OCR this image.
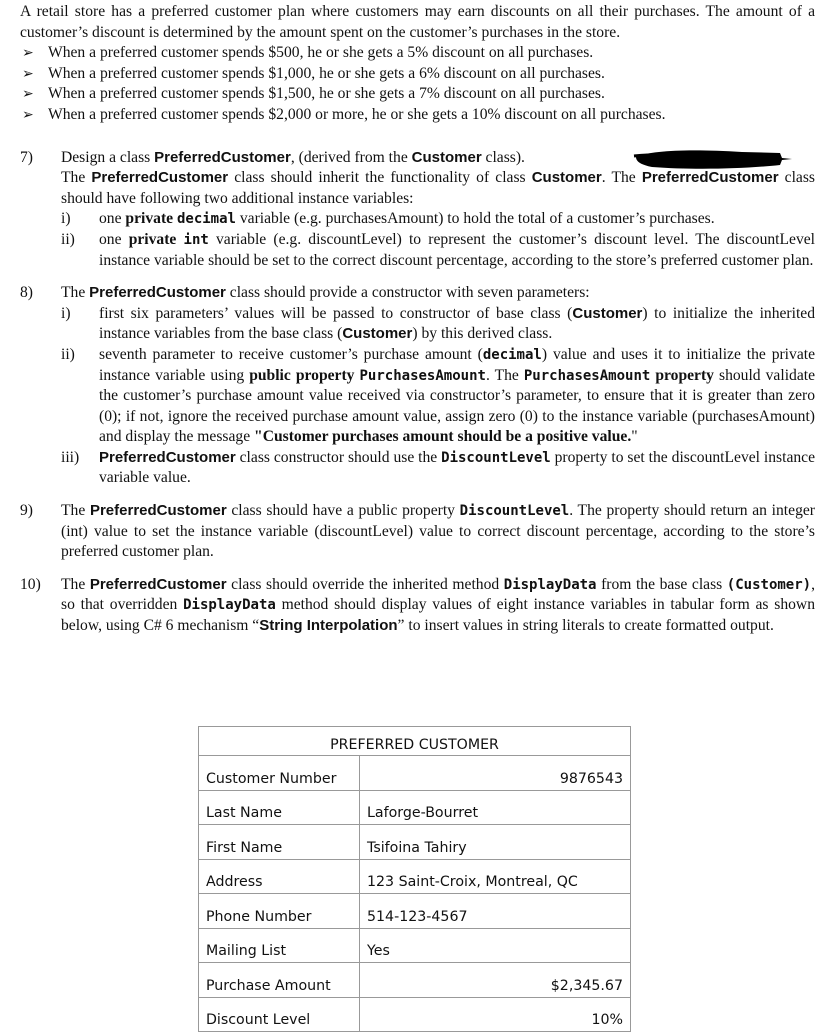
A retail store has a preferred customer plan where customers may earn discounts on all their purchases. The amount of a customer’s discount is determined by the amount spent on the customer’s purchases in the store.

➢ When a preferred customer spends $500, he or she gets a 5% discount on all purchases.
➢ When a preferred customer spends $1,000, he or she gets a 6% discount on all purchases.
➢ When a preferred customer spends $1,500, he or she gets a 7% discount on all purchases.
➢ When a preferred customer spends $2,000 or more, he or she gets a 10% discount on all purchases.
7)	Design a class PreferredCustomer, (derived from the Customer class).

The PreferredCustomer class should inherit the functionality of class Customer. The PreferredCustomer class should have following two additional instance variables:

i) one private decimal variable (e.g. purchasesAmount) to hold the total of a customer’s purchases.
ii) one private int variable (e.g. discountLevel) to represent the customer’s discount level. The discountLevel instance variable should be set to the correct discount percentage, according to the store’s preferred customer plan.
8)	The PreferredCustomer class should provide a constructor with seven parameters:

i) first six parameters’ values will be passed to constructor of base class (Customer) to initialize the inherited instance variables from the base class (Customer) by this derived class.
ii) seventh parameter to receive customer’s purchase amount (decimal) value and uses it to initialize the private instance variable using public property PurchasesAmount. The PurchasesAmount property should validate the customer’s purchase amount value received via constructor’s parameter, to ensure that it is greater than zero (0); if not, ignore the received purchase amount value, assign zero (0) to the instance variable (purchasesAmount) and display the message "Customer purchases amount should be a positive value."
iii) PreferredCustomer class constructor should use the DiscountLevel property to set the discountLevel instance variable value.
9)	The PreferredCustomer class should have a public property DiscountLevel. The property should return an integer (int) value to set the instance variable (discountLevel) value to correct discount percentage, according to the store’s preferred customer plan.

10)	The PreferredCustomer class should override the inherited method DisplayData from the base class (Customer), so that overridden DisplayData method should display values of eight instance variables in tabular form as shown below, using C# 6 mechanism “String Interpolation” to insert values in string literals to create formatted output.

PREFERRED CUSTOMER	
Customer Number	9876543
Last Name	Laforge-Bourret
First Name	Tsifoina Tahiry
Address	123 Saint-Croix, Montreal, QC
Phone Number	514-123-4567
Mailing List	Yes
Purchase Amount	$2,345.67
Discount Level	10%
